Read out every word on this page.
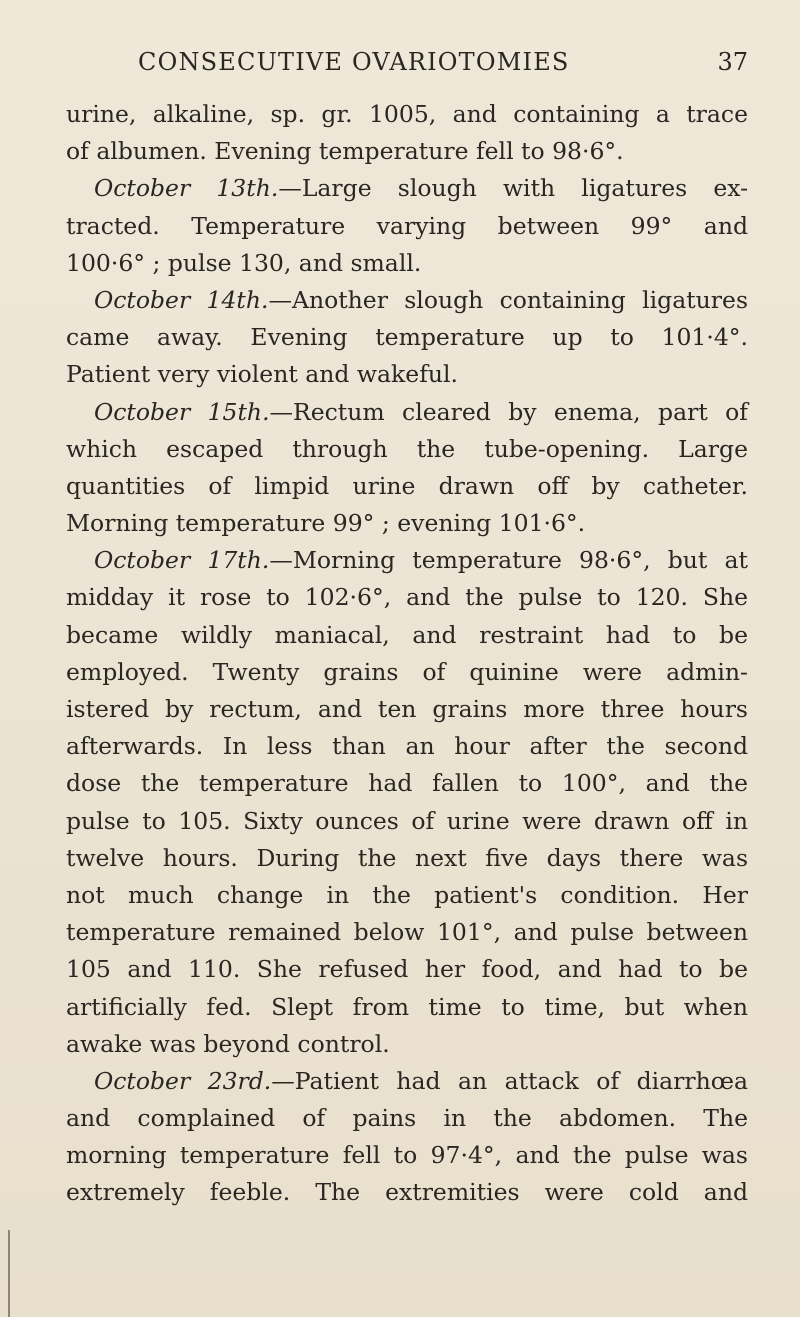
CONSECUTIVE OVARIOTOMIES	37
urine, alkaline, sp. gr. 1005, and containing a trace
of albumen. Evening temperature fell to 98·6°.
October 13th.—Large slough with ligatures ex-
tracted. Temperature varying between 99° and
100·6° ; pulse 130, and small.
October 14th.—Another slough containing ligatures
came away. Evening temperature up to 101·4°.
Patient very violent and wakeful.
October 15th.—Rectum cleared by enema, part of
which escaped through the tube-opening. Large
quantities of limpid urine drawn off by catheter.
Morning temperature 99° ; evening 101·6°.
October 17th.—Morning temperature 98·6°, but at
midday it rose to 102·6°, and the pulse to 120. She
became wildly maniacal, and restraint had to be
employed. Twenty grains of quinine were admin-
istered by rectum, and ten grains more three hours
afterwards. In less than an hour after the second
dose the temperature had fallen to 100°, and the
pulse to 105. Sixty ounces of urine were drawn off in
twelve hours. During the next five days there was
not much change in the patient's condition. Her
temperature remained below 101°, and pulse between
105 and 110. She refused her food, and had to be
artificially fed. Slept from time to time, but when
awake was beyond control.
October 23rd.—Patient had an attack of diarrhœa
and complained of pains in the abdomen. The
morning temperature fell to 97·4°, and the pulse was
extremely feeble. The extremities were cold and
